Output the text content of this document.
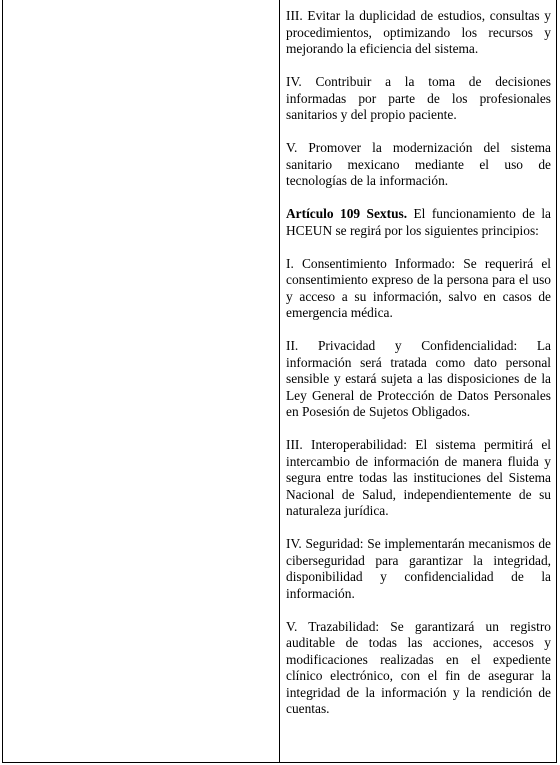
III. Evitar la duplicidad de estudios, consultas y procedimientos, optimizando los recursos y mejorando la eficiencia del sistema.

IV. Contribuir a la toma de decisiones informadas por parte de los profesionales sanitarios y del propio paciente.

V. Promover la modernización del sistema sanitario mexicano mediante el uso de tecnologías de la información.

Artículo 109 Sextus. El funcionamiento de la HCEUN se regirá por los siguientes principios:

I. Consentimiento Informado: Se requerirá el consentimiento expreso de la persona para el uso y acceso a su información, salvo en casos de emergencia médica.

II. Privacidad y Confidencialidad: La información será tratada como dato personal sensible y estará sujeta a las disposiciones de la Ley General de Protección de Datos Personales en Posesión de Sujetos Obligados.

III. Interoperabilidad: El sistema permitirá el intercambio de información de manera fluida y segura entre todas las instituciones del Sistema Nacional de Salud, independientemente de su naturaleza jurídica.

IV. Seguridad: Se implementarán mecanismos de ciberseguridad para garantizar la integridad, disponibilidad y confidencialidad de la información.

V. Trazabilidad: Se garantizará un registro auditable de todas las acciones, accesos y modificaciones realizadas en el expediente clínico electrónico, con el fin de asegurar la integridad de la información y la rendición de cuentas.
